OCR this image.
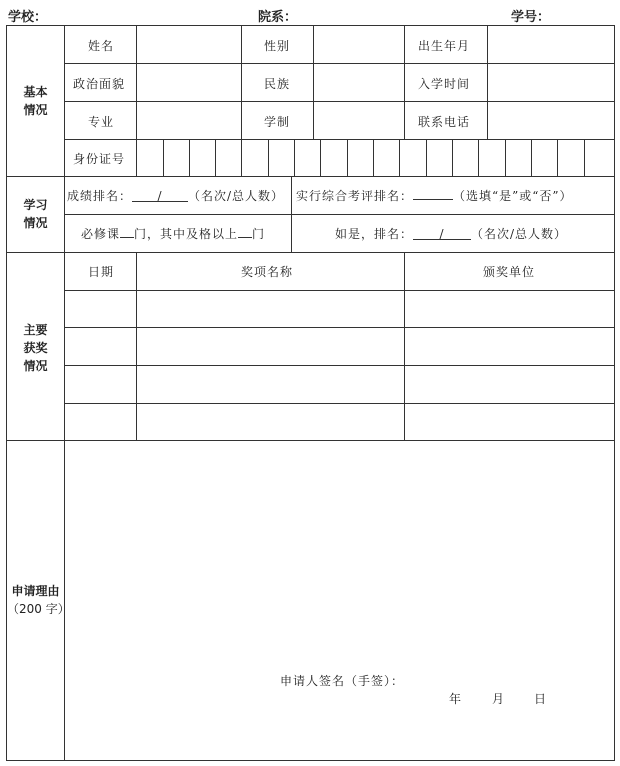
学校：	院系：	学号：
基本
情况
学习
情况
主要
获奖
情况
申请理由
（200 字）
姓名	性别	出生年月
政治面貌	民族	入学时间
专业	学制	联系电话
身份证号
成绩排名： / （名次/总人数） 实行综合考评排名：	（选填“是”或“否”）
必修课 门，其中及格以上 门	如是，排名： / （名次/总人数）
日期	奖项名称	颁奖单位
申请人签名（手签）：
年 月 日
